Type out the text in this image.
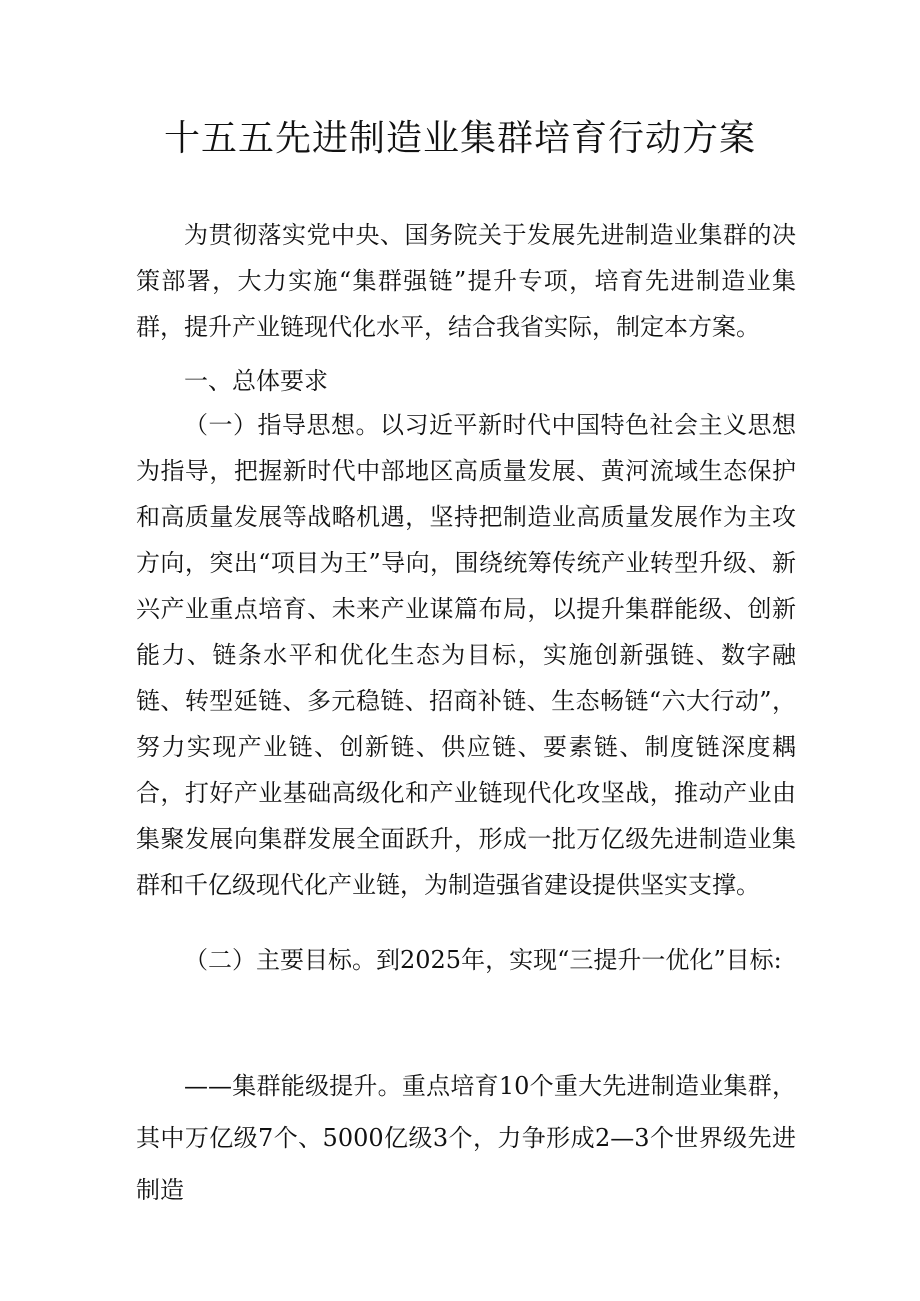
十五五先进制造业集群培育行动方案

为贯彻落实党中央、国务院关于发展先进制造业集群的决策部署，大力实施“集群强链”提升专项，培育先进制造业集群，提升产业链现代化水平，结合我省实际，制定本方案。

一、总体要求

（一）指导思想。以习近平新时代中国特色社会主义思想为指导，把握新时代中部地区高质量发展、黄河流域生态保护和高质量发展等战略机遇，坚持把制造业高质量发展作为主攻方向，突出“项目为王”导向，围绕统筹传统产业转型升级、新兴产业重点培育、未来产业谋篇布局，以提升集群能级、创新能力、链条水平和优化生态为目标，实施创新强链、数字融链、转型延链、多元稳链、招商补链、生态畅链“六大行动”，努力实现产业链、创新链、供应链、要素链、制度链深度耦合，打好产业基础高级化和产业链现代化攻坚战，推动产业由集聚发展向集群发展全面跃升，形成一批万亿级先进制造业集群和千亿级现代化产业链，为制造强省建设提供坚实支撑。

（二）主要目标。到2025年，实现“三提升一优化”目标:

——集群能级提升。重点培育10个重大先进制造业集群，其中万亿级7个、5000亿级3个，力争形成2—3个世界级先进制造
